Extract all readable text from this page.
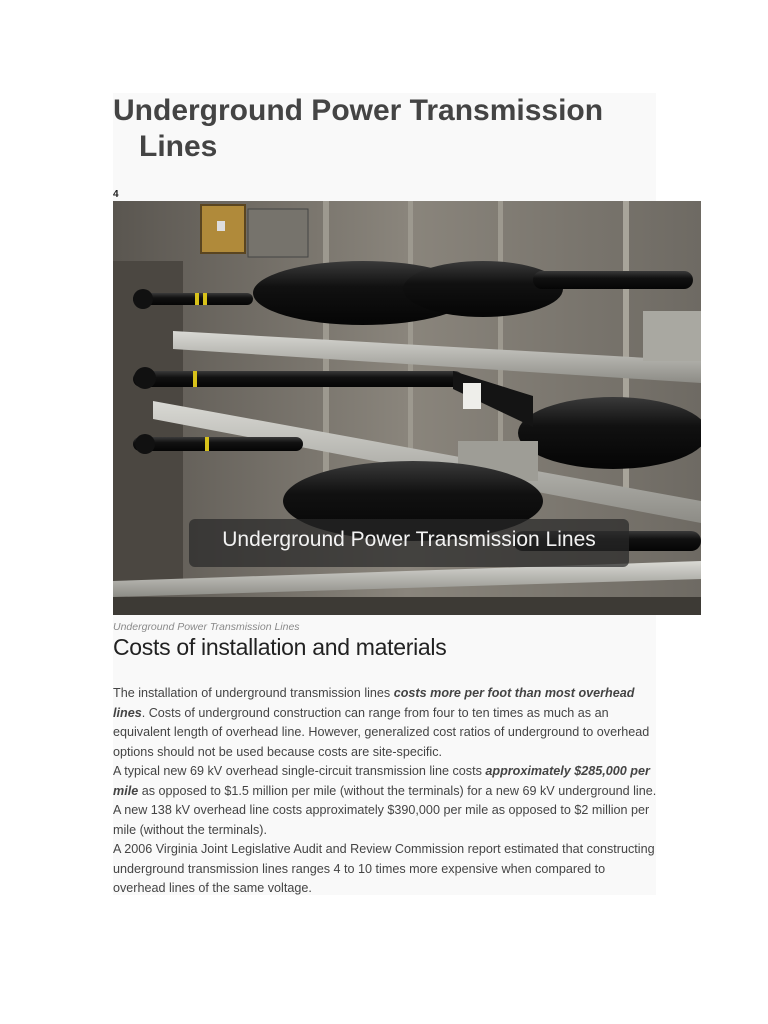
Underground Power Transmission
Lines
4
Underground Power Transmission Lines
Underground Power Transmission Lines
Costs of installation and materials

The installation of underground transmission lines costs more per foot than most overhead lines. Costs of underground construction can range from four to ten times as much as an equivalent length of overhead line. However, generalized cost ratios of underground to overhead options should not be used because costs are site-specific.

A typical new 69 kV overhead single-circuit transmission line costs approximately $285,000 per mile as opposed to $1.5 million per mile (without the terminals) for a new 69 kV underground line. A new 138 kV overhead line costs approximately $390,000 per mile as opposed to $2 million per mile (without the terminals).

A 2006 Virginia Joint Legislative Audit and Review Commission report estimated that constructing underground transmission lines ranges 4 to 10 times more expensive when compared to overhead lines of the same voltage.
